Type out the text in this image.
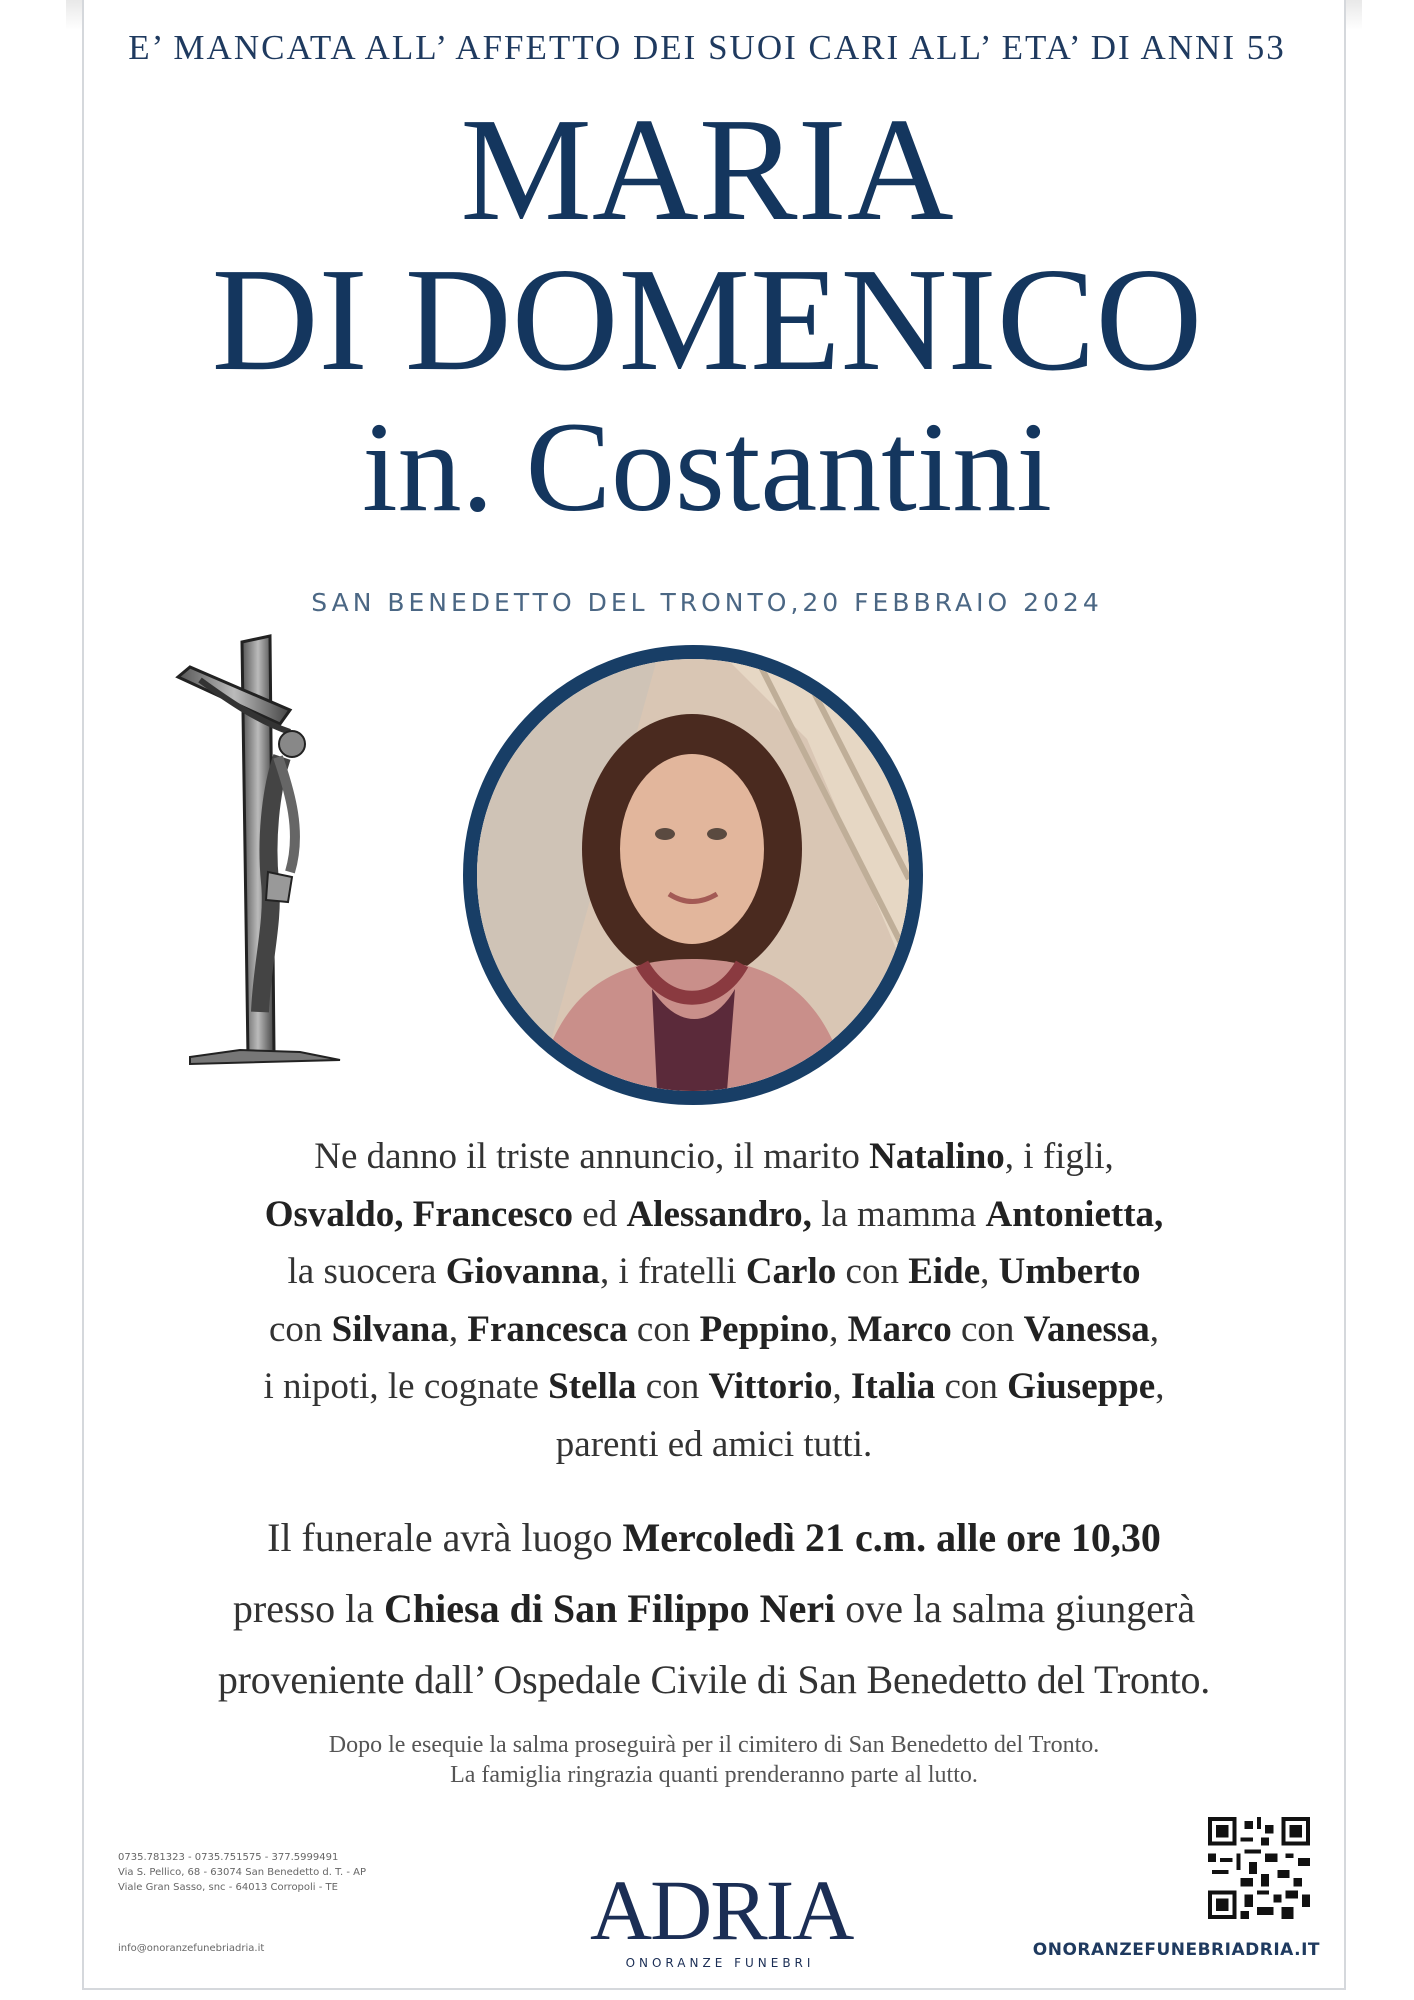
E’ MANCATA ALL’ AFFETTO DEI SUOI CARI ALL’ ETA’ DI ANNI 53
MARIA
DI DOMENICO
in. Costantini
SAN BENEDETTO DEL TRONTO,20 FEBBRAIO 2024
Ne danno il triste annuncio, il marito Natalino, i figli,
Osvaldo, Francesco ed Alessandro, la mamma Antonietta,
la suocera Giovanna, i fratelli Carlo con Eide, Umberto
con Silvana, Francesca con Peppino, Marco con Vanessa,
i nipoti, le cognate Stella con Vittorio, Italia con Giuseppe,
parenti ed amici tutti.
Il funerale avrà luogo Mercoledì 21 c.m. alle ore 10,30
presso la Chiesa di San Filippo Neri ove la salma giungerà
proveniente dall’ Ospedale Civile di San Benedetto del Tronto.
Dopo le esequie la salma proseguirà per il cimitero di San Benedetto del Tronto.
La famiglia ringrazia quanti prenderanno parte al lutto.
0735.781323 - 0735.751575 - 377.5999491
Via S. Pellico, 68 - 63074 San Benedetto d. T. - AP
Viale Gran Sasso, snc - 64013 Corropoli - TE
info@onoranzefunebriadria.it	ADRIA
ONORANZE FUNEBRI
ONORANZEFUNEBRIADRIA.IT
